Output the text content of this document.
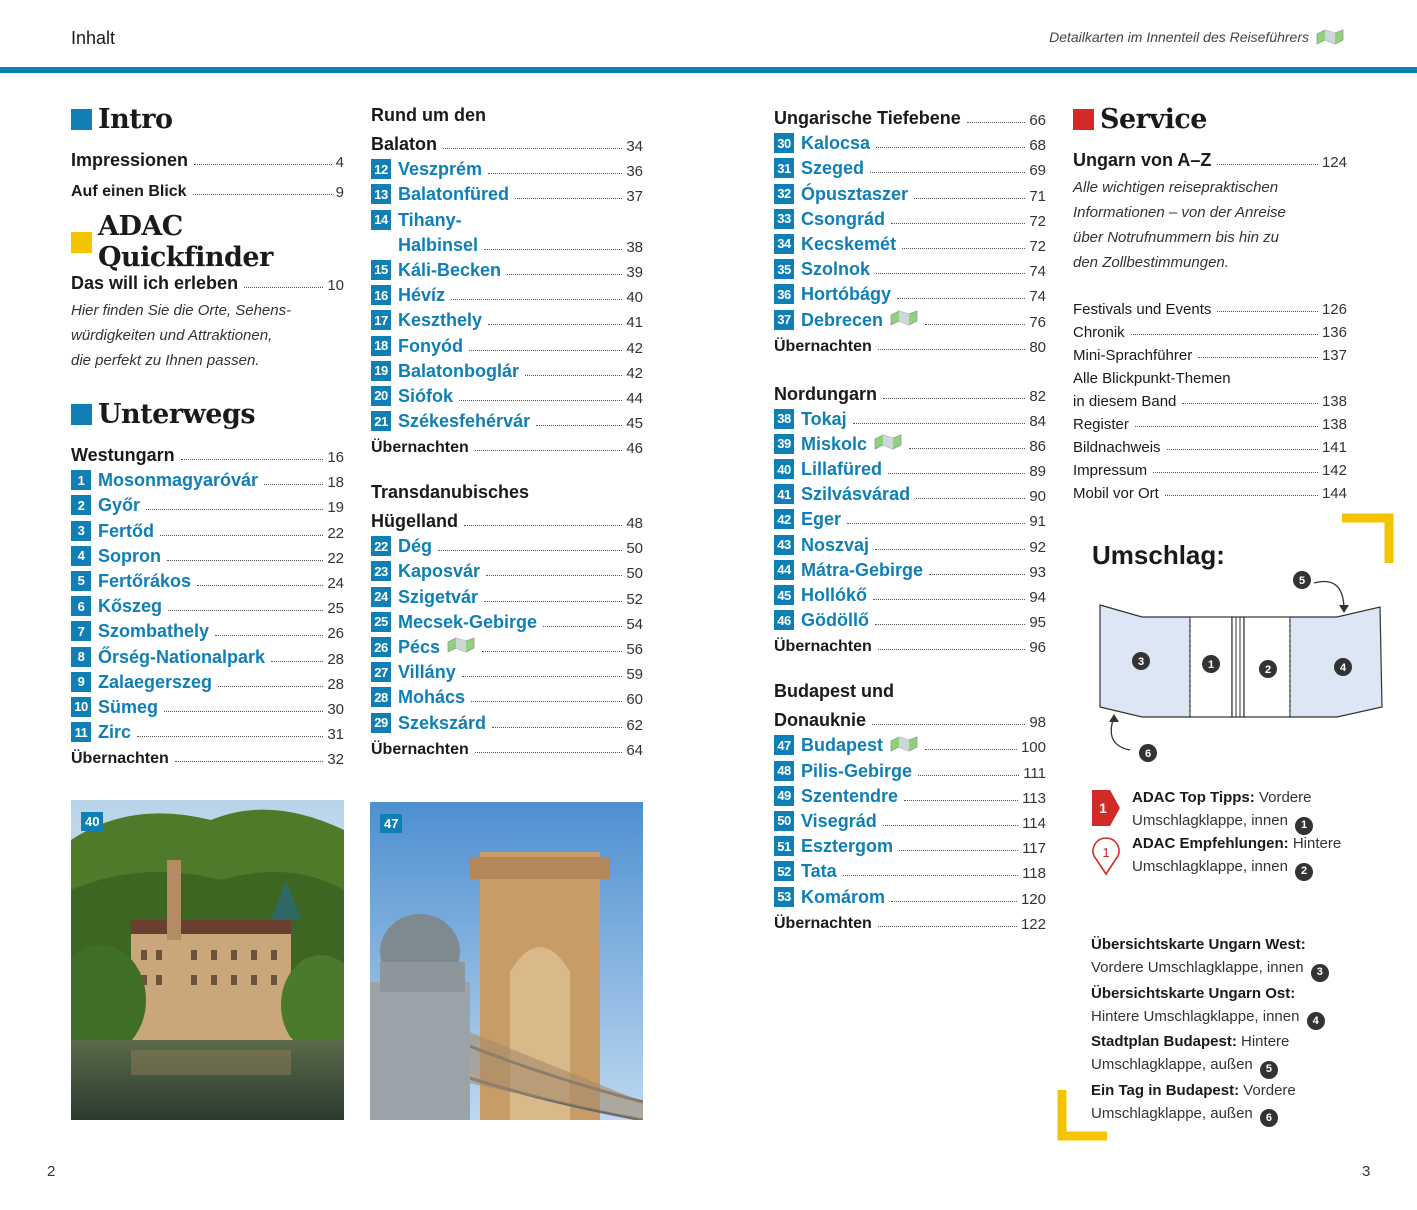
Inhalt	Detailkarten im Innenteil des Reiseführers
Intro
Impressionen	4
Auf einen Blick	9
ADAC Quickfinder
Das will ich erleben	10
Hier finden Sie die Orte, Sehens-
würdigkeiten und Attraktionen,
die perfekt zu Ihnen passen.
Unterwegs
Westungarn	16
1 Mosonmagyaróvár	18
2 Győr	19
3 Fertőd	22
4 Sopron	22
5 Fertőrákos	24
6 Kőszeg	25
7 Szombathely	26
8 Őrség-Nationalpark	28
9 Zalaegerszeg	28
10 Sümeg	30
11 Zirc	31
Übernachten	32
Rund um den
Balaton	34
12 Veszprém	36
13 Balatonfüred	37
14 Tihany-
Halbinsel	38
15 Káli-Becken	39
16 Hévíz	40
17 Keszthely	41
18 Fonyód	42
19 Balatonboglár	42
20 Siófok	44
21 Székesfehérvár	45
Übernachten	46
Transdanubisches
Hügelland	48
22 Dég	50
23 Kaposvár	50
24 Szigetvár	52
25 Mecsek-Gebirge	54
26 Pécs	56
27 Villány	59
28 Mohács	60
29 Szekszárd	62
Übernachten	64
Ungarische Tiefebene	66
30 Kalocsa	68
31 Szeged	69
32 Ópusztaszer	71
33 Csongrád	72
34 Kecskemét	72
35 Szolnok	74
36 Hortóbágy	74
37 Debrecen	76
Übernachten	80
Nordungarn	82
38 Tokaj	84
39 Miskolc	86
40 Lillafüred	89
41 Szilvásvárad	90
42 Eger	91
43 Noszvaj	92
44 Mátra-Gebirge	93
45 Hollókő	94
46 Gödöllő	95
Übernachten	96
Budapest und
Donauknie	98
47 Budapest	100
48 Pilis-Gebirge	111
49 Szentendre	113
50 Visegrád	114
51 Esztergom	117
52 Tata	118
53 Komárom	120
Übernachten	122
Service
Ungarn von A–Z	124
Alle wichtigen reisepraktischen
Informationen – von der Anreise
über Notrufnummern bis hin zu
den Zollbestimmungen.
Festivals und Events	126
Chronik	136
Mini-Sprachführer	137
Alle Blickpunkt-Themen
in diesem Band	138
Register	138
Bildnachweis	141
Impressum	142
Mobil vor Ort	144
40	47
Umschlag:
3	1	2	4
5
6
1
ADAC Top Tipps: Vordere
Umschlagklappe, innen 1
1
ADAC Empfehlungen: Hintere
Umschlagklappe, innen 2
Übersichtskarte Ungarn West:
Vordere Umschlagklappe, innen 3
Übersichtskarte Ungarn Ost:
Hintere Umschlagklappe, innen 4
Stadtplan Budapest: Hintere
Umschlagklappe, außen 5
Ein Tag in Budapest: Vordere
Umschlagklappe, außen 6
2	3
